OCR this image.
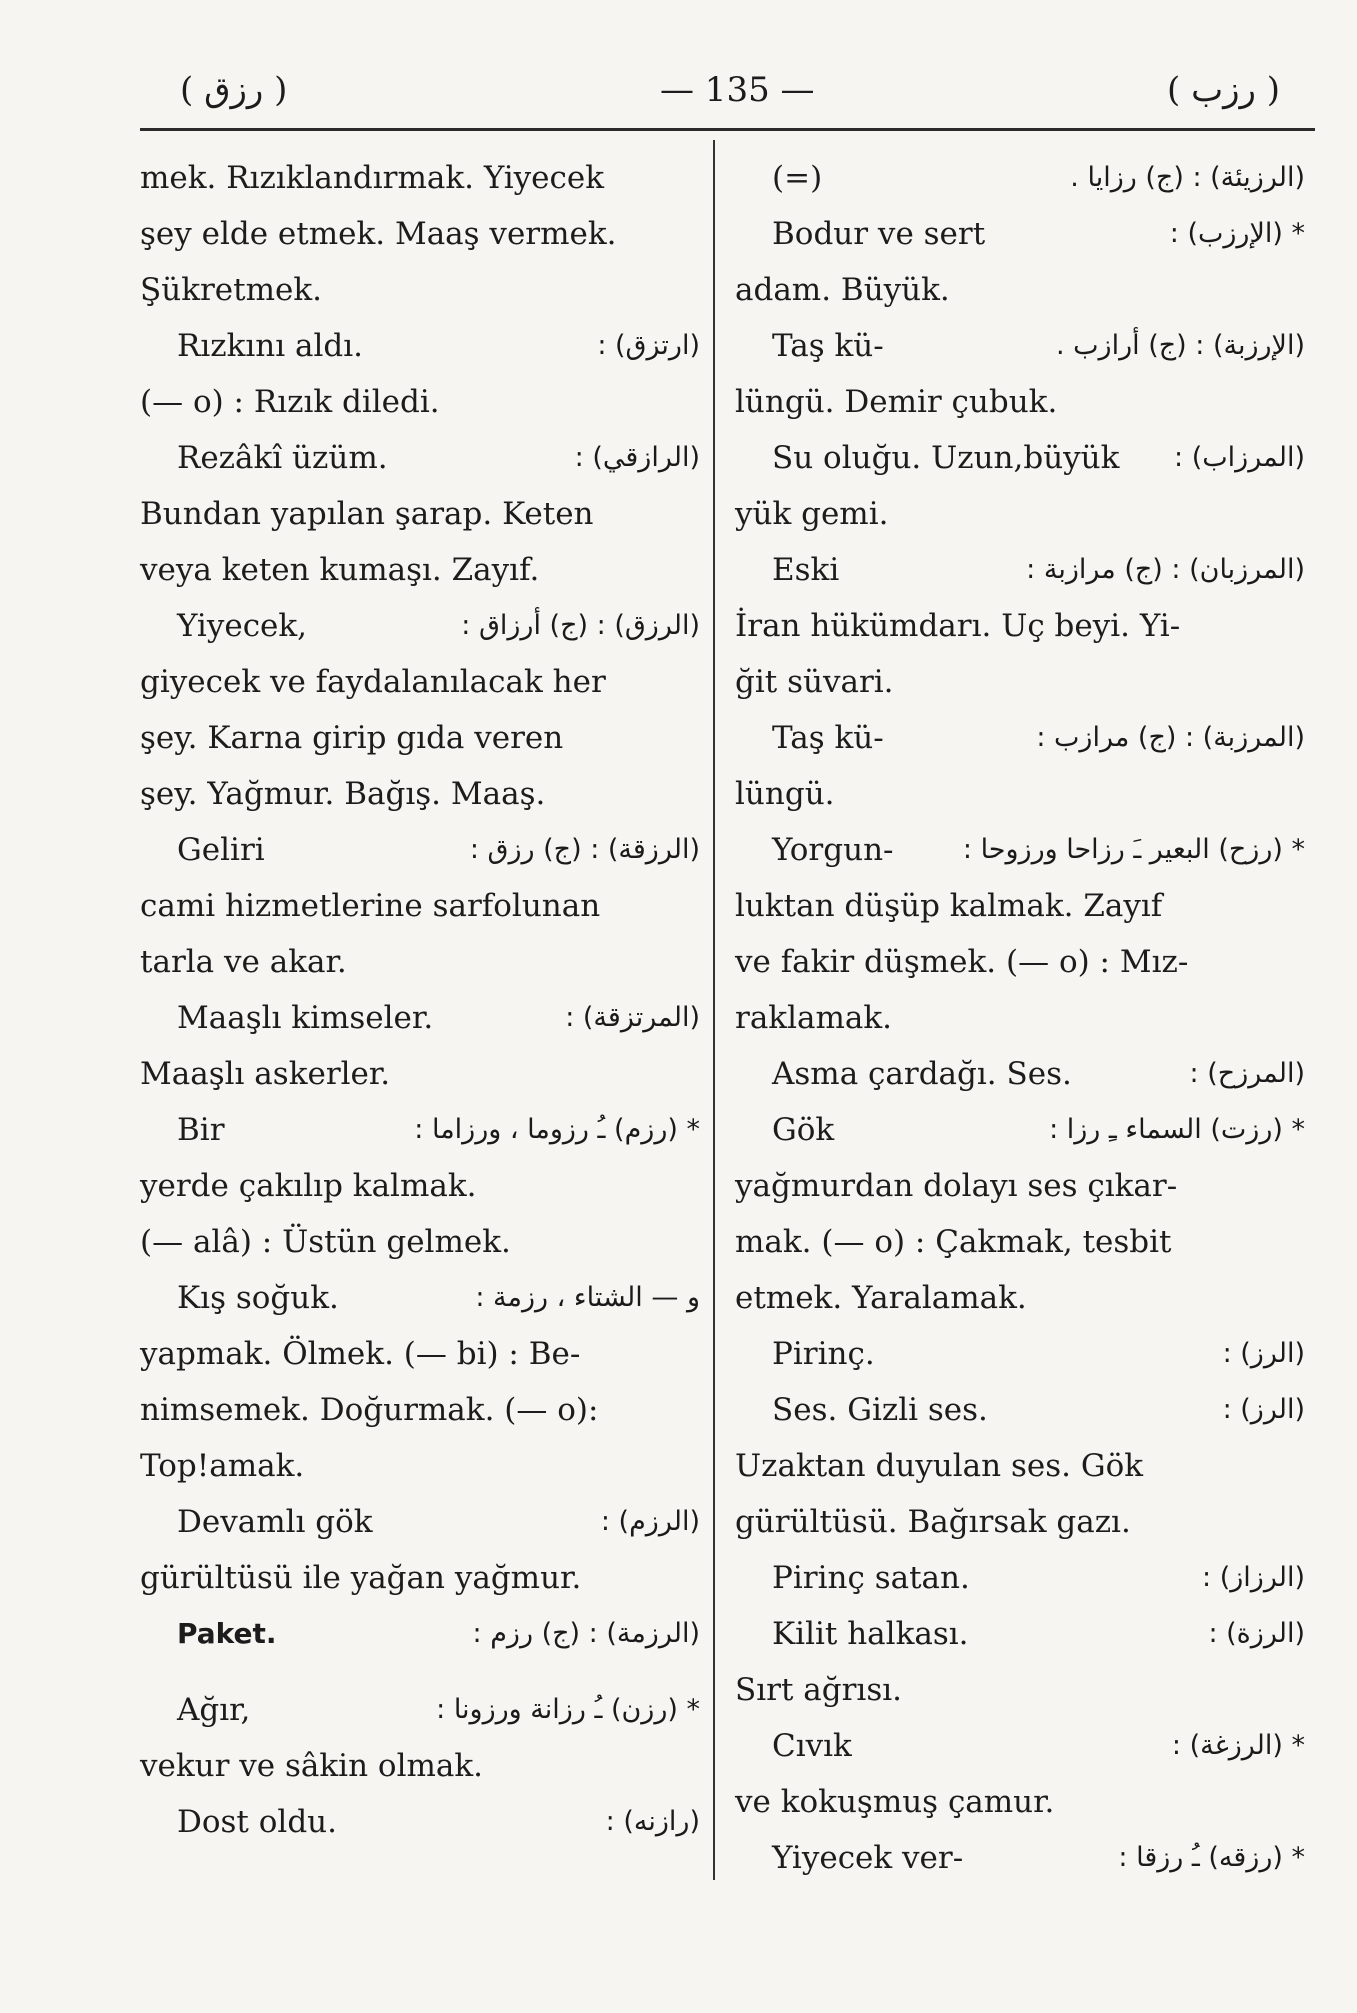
( رزق )	— 135 —	( رزب )
mek. Rızıklandırmak. Yiyecek
şey elde etmek. Maaş vermek.
Şükretmek.
Rızkını aldı.	(ارتزق) :
(— o) : Rızık diledi.
Rezâkî üzüm.	(الرازقي) :
Bundan yapılan şarap. Keten
veya keten kumaşı. Zayıf.
Yiyecek,	(الرزق) : (ج) أرزاق :
giyecek ve faydalanılacak her
şey. Karna girip gıda veren
şey. Yağmur. Bağış. Maaş.
Geliri	(الرزقة) : (ج) رزق :
cami hizmetlerine sarfolunan
tarla ve akar.
Maaşlı kimseler.	(المرتزقة) :
Maaşlı askerler.
Bir	* (رزم) ـُ رزوما ، ورزاما :
yerde çakılıp kalmak.
(— alâ) : Üstün gelmek.
Kış soğuk.	و — الشتاء ، رزمة :
yapmak. Ölmek. (— bi) : Be-
nimsemek. Doğurmak. (— o):
Top!amak.
Devamlı gök	(الرزم) :
gürültüsü ile yağan yağmur.
Paket.	(الرزمة) : (ج) رزم :
Ağır,	* (رزن) ـُ رزانة ورزونا :
vekur ve sâkin olmak.
Dost oldu.	(رازنه) :
(=)	(الرزيئة) : (ج) رزايا .
Bodur ve sert	* (الإرزب) :
adam. Büyük.
Taş kü-	(الإرزبة) : (ج) أرازب .
lüngü. Demir çubuk.
Su oluğu. Uzun,büyük (المرزاب) :
yük gemi.
Eski	(المرزبان) : (ج) مرازبة :
İran hükümdarı. Uç beyi. Yi-
ğit süvari.
Taş kü-	(المرزبة) : (ج) مرازب :
lüngü.
Yorgun-	* (رزح) البعير ـَ رزاحا ورزوحا :
luktan düşüp kalmak. Zayıf
ve fakir düşmek. (— o) : Mız-
raklamak.
Asma çardağı. Ses.	(المرزح) :
Gök	* (رزت) السماء ـِ رزا :
yağmurdan dolayı ses çıkar-
mak. (— o) : Çakmak, tesbit
etmek. Yaralamak.
Pirinç.	(الرز) :
Ses. Gizli ses.	(الرز) :
Uzaktan duyulan ses. Gök
gürültüsü. Bağırsak gazı.
Pirinç satan.	(الرزاز) :
Kilit halkası.	(الرزة) :
Sırt ağrısı.
Cıvık	* (الرزغة) :
ve kokuşmuş çamur.
Yiyecek ver-	* (رزقه) ـُ رزقا :
